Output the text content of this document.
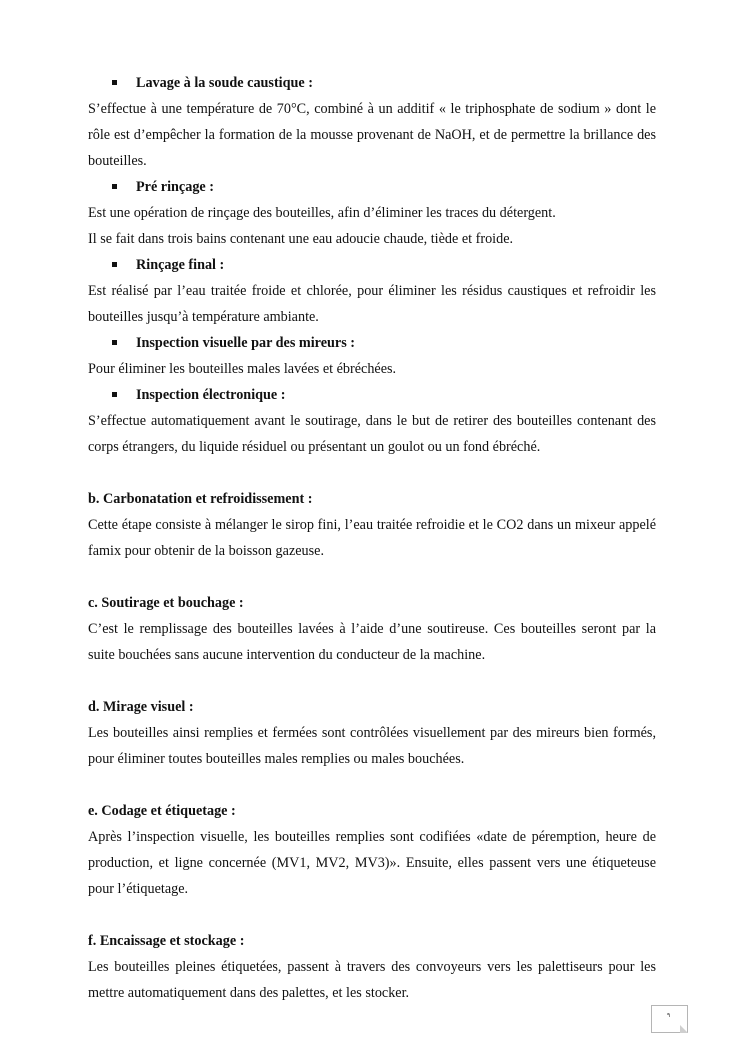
Lavage à la soude caustique :
S’effectue à une température de 70°C, combiné à un additif « le triphosphate de sodium » dont le rôle est d’empêcher la formation de la mousse provenant de NaOH, et de permettre la brillance des bouteilles.
Pré rinçage :
Est une opération de rinçage des bouteilles, afin d’éliminer les traces du détergent.
Il se fait dans trois bains contenant une eau adoucie chaude, tiède et froide.
Rinçage final :
Est réalisé par l’eau traitée froide et chlorée, pour éliminer les résidus caustiques et refroidir les bouteilles jusqu’à température ambiante.
Inspection visuelle par des mireurs :
Pour éliminer les bouteilles males lavées et ébréchées.
Inspection électronique :
S’effectue automatiquement avant le soutirage, dans le but de retirer des bouteilles contenant des corps étrangers, du liquide résiduel ou présentant un goulot ou un fond ébréché.
b. Carbonatation et refroidissement :
Cette étape consiste à mélanger le sirop fini, l’eau traitée refroidie et le CO2 dans un mixeur appelé famix pour obtenir de la boisson gazeuse.
c. Soutirage et bouchage :
C’est le remplissage des bouteilles lavées à l’aide d’une soutireuse. Ces bouteilles seront par la suite bouchées sans aucune intervention du conducteur de la machine.
d. Mirage visuel :
Les bouteilles ainsi remplies et fermées sont contrôlées visuellement par des mireurs bien formés, pour éliminer toutes bouteilles males remplies ou males bouchées.
e. Codage et étiquetage :
Après l’inspection visuelle, les bouteilles remplies sont codifiées «date de péremption, heure de production, et ligne concernée (MV1, MV2, MV3)». Ensuite, elles passent vers une étiqueteuse pour l’étiquetage.
f. Encaissage et stockage :
Les bouteilles pleines étiquetées, passent à travers des convoyeurs vers les palettiseurs pour les mettre automatiquement dans des palettes, et les stocker.
٩
